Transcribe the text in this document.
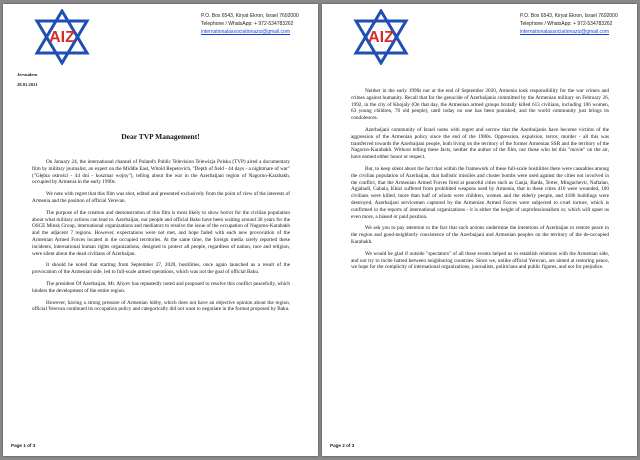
AIZ
P.O. Box 6543, Kiryat Ekron, Israel 7692000
Telephone / WhatsApp: + 972-534783262
internationalassociationaziz@gmail.com
Jerusalem
28.01.2021
Dear TVP Management!

On January 24, the international channel of Poland's Public Television Telewizja Polska (TVP) aired a documentary film by military journalist, an expert on the Middle East, Witold Repetovich, "Depth of field - 44 days - a nightmare of war" ("Głębia ostrości - 44 dni - koszmar wojny"), telling about the war in the Azerbaijani region of Nagorno-Karabakh, occupied by Armenia in the early 1990s.

We note with regret that this film was shot, edited and presented exclusively from the point of view of the interests of Armenia and the position of official Yerevan.

The purpose of the creation and demonstration of this film is most likely to show horror for the civilian population about what military actions can lead to. Azerbaijan, our people and official Baku have been waiting around 30 years for the OSCE Minsk Group, international organizations and mediators to resolve the issue of the occupation of Nagorno-Karabakh and the adjacent 7 regions. However, expectations were not met, and hope faded with each new provocation of the Armenian Armed Forces located in the occupied territories. At the same time, the foreign media rarely reported these incidents, international human rights organizations, designed to protect all people, regardless of nation, race and religion, were silent about the dead civilians of Azerbaijan.

It should be noted that starting from September 27, 2020, hostilities, once again launched as a result of the provocation of the Armenian side, led to full-scale armed operations, which was not the goal of official Baku.

The president Of Azerbaijan, Mr. Aliyev has repeatedly noted and proposed to resolve this conflict peacefully, which hinders the development of the entire region.

However, having a strong pressure of Armenian lobby, which does not have an objective opinion about the region, official Yerevan continued its occupation policy and categorically did not want to negotiate in the format proposed by Baku.

Page 1 of 3
AIZ
P.O. Box 6543, Kiryat Ekron, Israel 7692000
Telephone / WhatsApp: + 972-534783262
internationalassociationaziz@gmail.com

Neither in the early 1990s nor at the end of September 2020, Armenia took responsibility for the war crimes and crimes against humanity. Recall that for the genocide of Azerbaijanis committed by the Armenian military on February 26, 1992, in the city of Khojaly (On that day, the Armenian armed groups brutally killed 613 civilians, including 106 women, 63 young children, 70 old people), until today no one has been punished, and the world community just brings its condolences.

Azerbaijani community of Israel notes with regret and sorrow that the Azerbaijanis have become victims of the aggression of the Armenian policy since the end of the 1980s. Oppression, expulsion, terror, murder - all this was transferred towards the Azerbaijani people, both living on the territory of the former Armenian SSR and the territory of the Nagorno-Karabakh. Without telling these facts, neither the author of the film, nor those who let this "movie" on the air, have earned either honor or respect.

But, to keep silent about the fact that within the framework of these full-scale hostilities there were casualties among the civilian population of Azerbaijan, that ballistic missiles and cluster bombs were used against the cities not involved in the conflict, that the Armenian Armed Forces fired at peaceful cities such as Ganja, Barda, Terter, Mingachevir, Naftalan, Agjabadi, Gabala, Khizi suffered from prohibited weapons used by Armenia, that in these cities 416 were wounded, 100 civilians were killed, more than half of whom were children, women and the elderly people, and 4186 buildings were destroyed, Azerbaijani servicemen captured by the Armenian Armed Forces were subjected to cruel torture, which is confirmed in the reports of international organizations - it is either the height of unprofessionalism or, which will upset us even more, a biased or paid position.

We ask you to pay attention to the fact that such actions undermine the intentions of Azerbaijan to restore peace in the region and good-neighborly coexistence of the Azerbaijani and Armenian peoples on the territory of the de-occupied Karabakh.

We would be glad if outside "spectators" of all these events helped us to establish relations with the Armenian side, and not try to incite hatred between neighboring countries. Since we, unlike official Yerevan, are aimed at restoring peace, we hope for the complicity of international organizations, journalists, politicians and public figures, and not for prejudice.

Page 2 of 3
